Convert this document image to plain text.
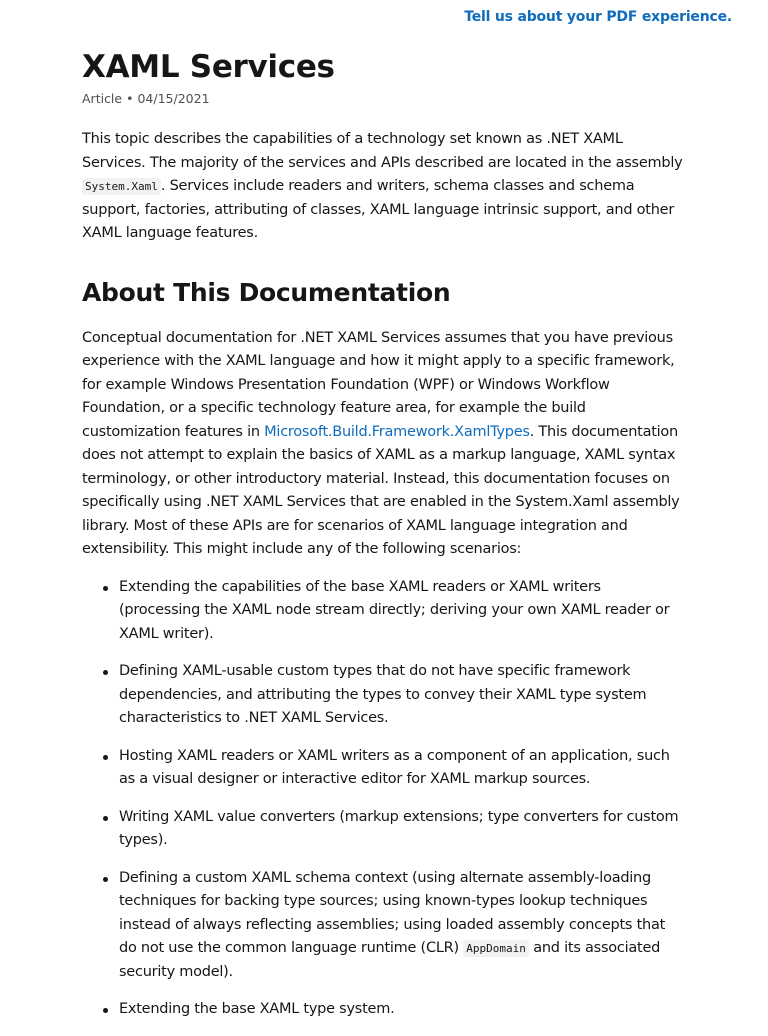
Tell us about your PDF experience.
XAML Services
Article • 04/15/2021

This topic describes the capabilities of a technology set known as .NET XAML Services. The majority of the services and APIs described are located in the assembly System.Xaml . Services include readers and writers, schema classes and schema support, factories, attributing of classes, XAML language intrinsic support, and other XAML language features.

About This Documentation

Conceptual documentation for .NET XAML Services assumes that you have previous experience with the XAML language and how it might apply to a specific framework, for example Windows Presentation Foundation (WPF) or Windows Workflow Foundation, or a specific technology feature area, for example the build customization features in Microsoft.Build.Framework.XamlTypes. This documentation does not attempt to explain the basics of XAML as a markup language, XAML syntax terminology, or other introductory material. Instead, this documentation focuses on specifically using .NET XAML Services that are enabled in the System.Xaml assembly library. Most of these APIs are for scenarios of XAML language integration and extensibility. This might include any of the following scenarios:

Extending the capabilities of the base XAML readers or XAML writers (processing the XAML node stream directly; deriving your own XAML reader or XAML writer).
Defining XAML-usable custom types that do not have specific framework dependencies, and attributing the types to convey their XAML type system characteristics to .NET XAML Services.
Hosting XAML readers or XAML writers as a component of an application, such as a visual designer or interactive editor for XAML markup sources.
Writing XAML value converters (markup extensions; type converters for custom types).
Defining a custom XAML schema context (using alternate assembly-loading techniques for backing type sources; using known-types lookup techniques instead of always reflecting assemblies; using loaded assembly concepts that do not use the common language runtime (CLR) AppDomain and its associated security model).
Extending the base XAML type system.
